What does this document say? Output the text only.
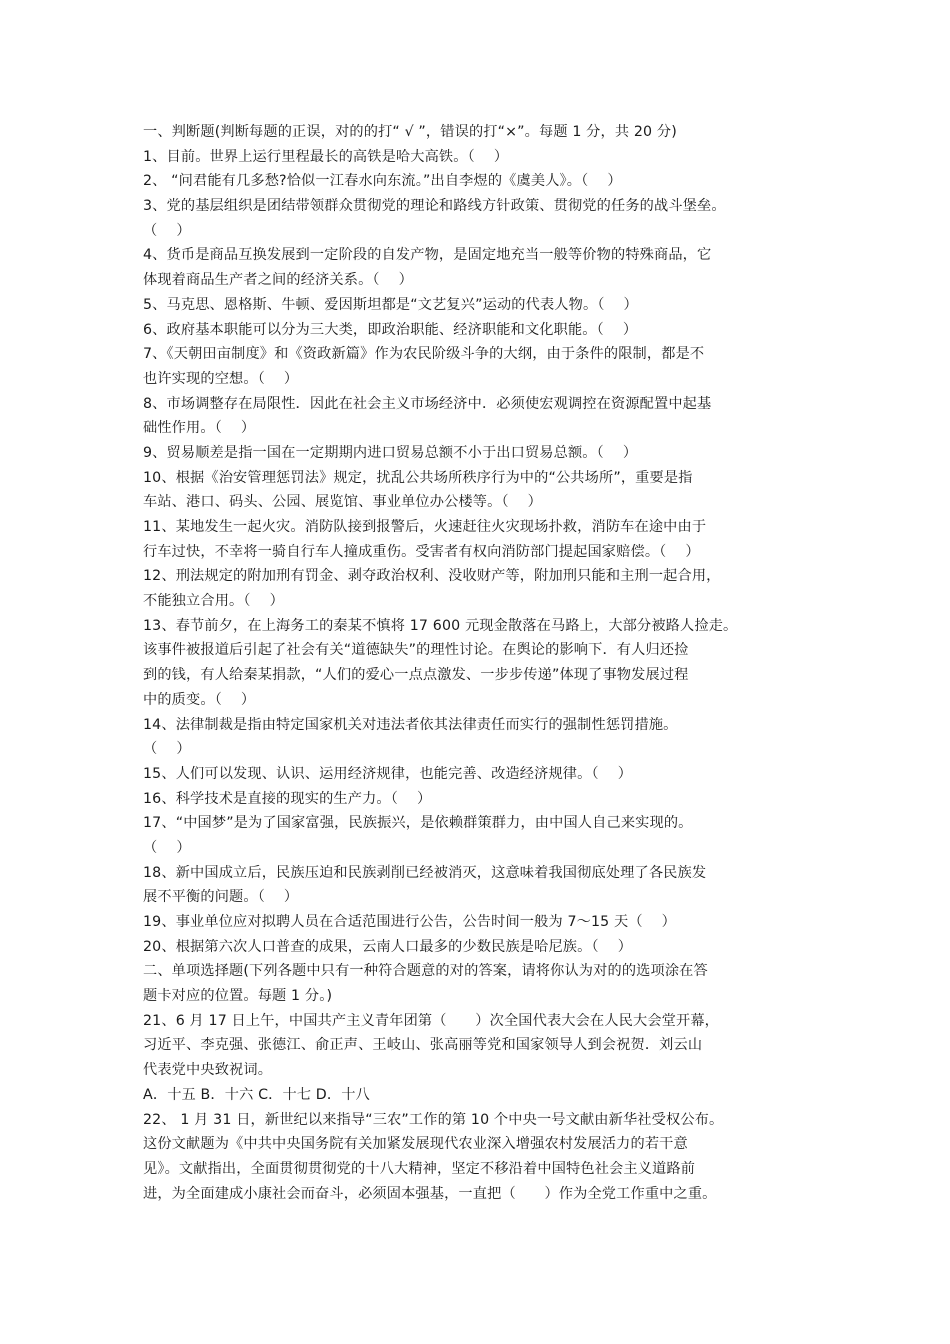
一、判断题(判断每题的正误，对的的打“ √ ”，错误的打“×”。每题 1 分，共 20 分)
1、目前。世界上运行里程最长的高铁是哈大高铁。（　 ）
2、 “问君能有几多愁?恰似一江春水向东流。”出自李煜的《虞美人》。（　 ）
3、党的基层组织是团结带领群众贯彻党的理论和路线方针政策、贯彻党的任务的战斗堡垒。
（　 ）
4、货币是商品互换发展到一定阶段的自发产物，是固定地充当一般等价物的特殊商品，它
体现着商品生产者之间的经济关系。（　 ）
5、马克思、恩格斯、牛顿、爱因斯坦都是“文艺复兴”运动的代表人物。（　 ）
6、政府基本职能可以分为三大类，即政治职能、经济职能和文化职能。（　 ）
7、《天朝田亩制度》和《资政新篇》作为农民阶级斗争的大纲，由于条件的限制，都是不
也许实现的空想。（　 ）
8、市场调整存在局限性．因此在社会主义市场经济中．必须使宏观调控在资源配置中起基
础性作用。（　 ）
9、贸易顺差是指一国在一定期期内进口贸易总额不小于出口贸易总额。（　 ）
10、根据《治安管理惩罚法》规定，扰乱公共场所秩序行为中的“公共场所”，重要是指
车站、港口、码头、公园、展览馆、事业单位办公楼等。（　 ）
11、某地发生一起火灾。消防队接到报警后，火速赶往火灾现场扑救，消防车在途中由于
行车过快，不幸将一骑自行车人撞成重伤。受害者有权向消防部门提起国家赔偿。（　 ）
12、刑法规定的附加刑有罚金、剥夺政治权利、没收财产等，附加刑只能和主刑一起合用，
不能独立合用。（　 ）
13、春节前夕，在上海务工的秦某不慎将 17 600 元现金散落在马路上，大部分被路人捡走。
该事件被报道后引起了社会有关“道德缺失”的理性讨论。在舆论的影响下．有人归还捡
到的钱，有人给秦某捐款，“人们的爱心一点点激发、一步步传递”体现了事物发展过程
中的质变。（　 ）
14、法律制裁是指由特定国家机关对违法者依其法律责任而实行的强制性惩罚措施。
（　 ）
15、人们可以发现、认识、运用经济规律，也能完善、改造经济规律。（　 ）
16、科学技术是直接的现实的生产力。（　 ）
17、“中国梦”是为了国家富强，民族振兴，是依赖群策群力，由中国人自己来实现的。
（　 ）
18、新中国成立后，民族压迫和民族剥削已经被消灭，这意味着我国彻底处理了各民族发
展不平衡的问题。（　 ）
19、事业单位应对拟聘人员在合适范围进行公告，公告时间一般为 7～15 天（　 ）
20、根据第六次人口普查的成果，云南人口最多的少数民族是哈尼族。（　 ）
二、单项选择题(下列各题中只有一种符合题意的对的答案，请将你认为对的的选项涂在答
题卡对应的位置。每题 1 分。)
21、6 月 17 日上午，中国共产主义青年团第（　　）次全国代表大会在人民大会堂开幕，
习近平、李克强、张德江、俞正声、王岐山、张高丽等党和国家领导人到会祝贺．刘云山
代表党中央致祝词。
A．十五 B．十六 C．十七 D．十八
22、 1 月 31 日，新世纪以来指导“三农”工作的第 10 个中央一号文献由新华社受权公布。
这份文献题为《中共中央国务院有关加紧发展现代农业深入增强农村发展活力的若干意
见》。文献指出，全面贯彻贯彻党的十八大精神，坚定不移沿着中国特色社会主义道路前
进，为全面建成小康社会而奋斗，必须固本强基，一直把（　　）作为全党工作重中之重。
